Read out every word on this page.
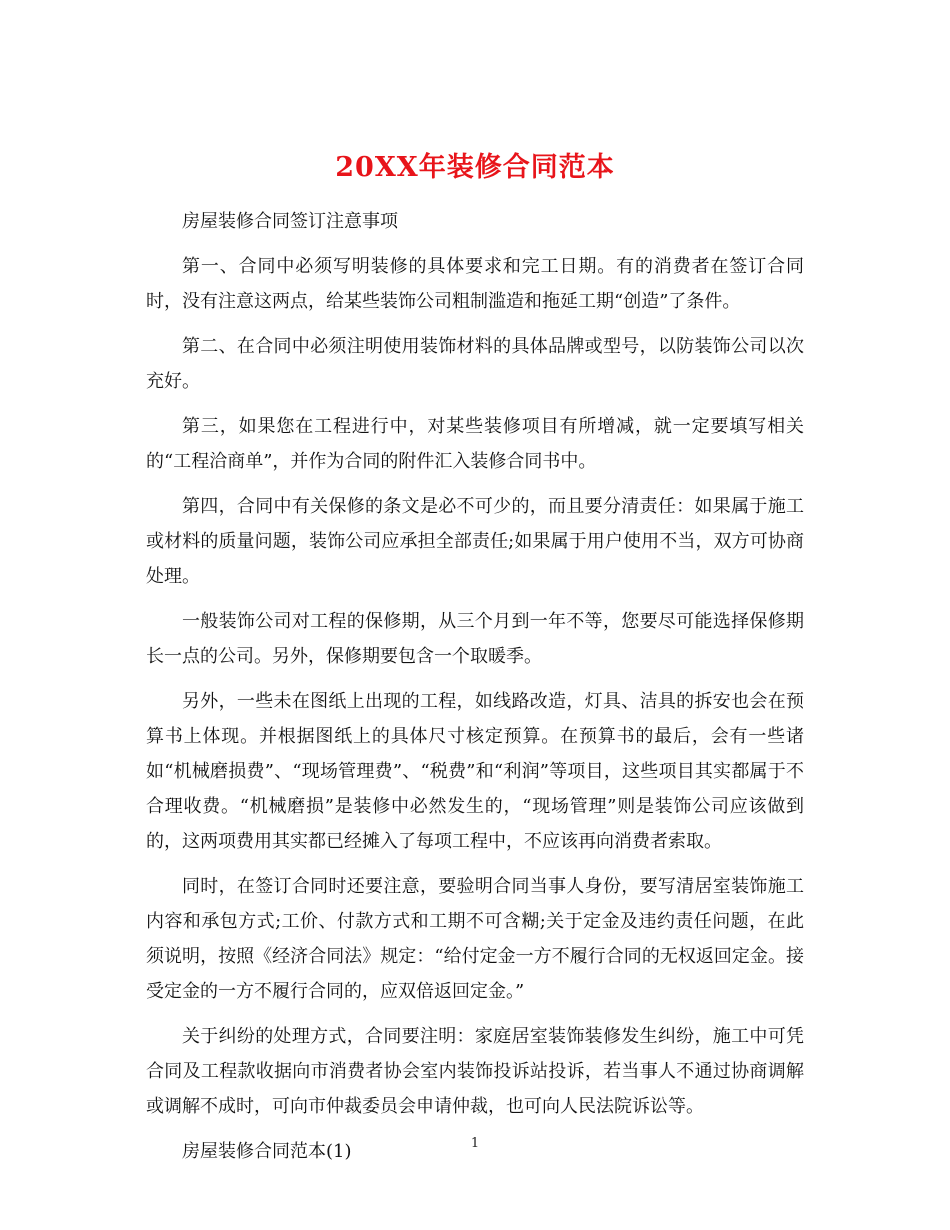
20XX年装修合同范本

房屋装修合同签订注意事项

第一、合同中必须写明装修的具体要求和完工日期。有的消费者在签订合同时，没有注意这两点，给某些装饰公司粗制滥造和拖延工期“创造”了条件。

第二、在合同中必须注明使用装饰材料的具体品牌或型号，以防装饰公司以次充好。

第三，如果您在工程进行中，对某些装修项目有所增减，就一定要填写相关的“工程洽商单”，并作为合同的附件汇入装修合同书中。

第四，合同中有关保修的条文是必不可少的，而且要分清责任：如果属于施工或材料的质量问题，装饰公司应承担全部责任;如果属于用户使用不当，双方可协商处理。

一般装饰公司对工程的保修期，从三个月到一年不等，您要尽可能选择保修期长一点的公司。另外，保修期要包含一个取暖季。

另外，一些未在图纸上出现的工程，如线路改造，灯具、洁具的拆安也会在预算书上体现。并根据图纸上的具体尺寸核定预算。在预算书的最后，会有一些诸如“机械磨损费”、“现场管理费”、“税费”和“利润”等项目，这些项目其实都属于不合理收费。“机械磨损”是装修中必然发生的，“现场管理”则是装饰公司应该做到的，这两项费用其实都已经摊入了每项工程中，不应该再向消费者索取。

同时，在签订合同时还要注意，要验明合同当事人身份，要写清居室装饰施工内容和承包方式;工价、付款方式和工期不可含糊;关于定金及违约责任问题，在此须说明，按照《经济合同法》规定：“给付定金一方不履行合同的无权返回定金。接受定金的一方不履行合同的，应双倍返回定金。”

关于纠纷的处理方式，合同要注明：家庭居室装饰装修发生纠纷，施工中可凭合同及工程款收据向市消费者协会室内装饰投诉站投诉，若当事人不通过协商调解或调解不成时，可向市仲裁委员会申请仲裁，也可向人民法院诉讼等。

房屋装修合同范本(1)	1
